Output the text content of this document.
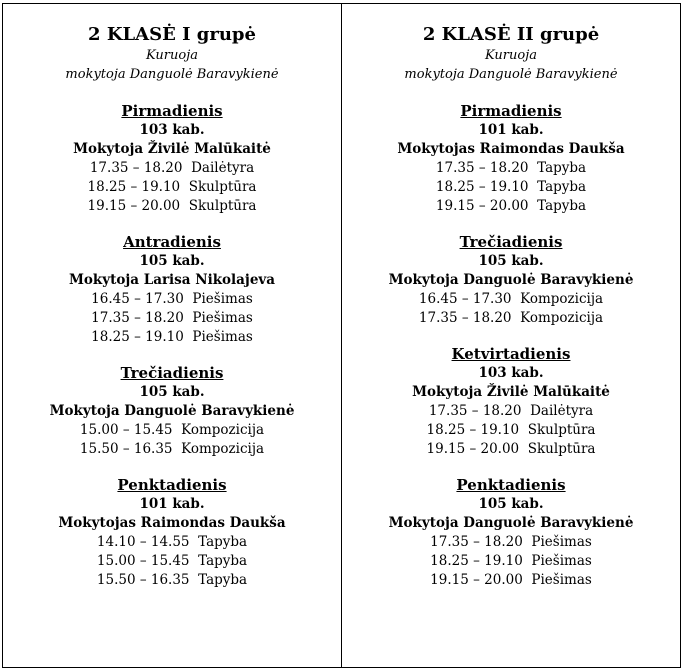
2 KLASĖ I grupė
Kuruoja
mokytoja Danguolė Baravykienė
Pirmadienis
103 kab.
Mokytoja Živilė Malūkaitė
17.35 – 18.20 Dailėtyra
18.25 – 19.10 Skulptūra
19.15 – 20.00 Skulptūra
Antradienis
105 kab.
Mokytoja Larisa Nikolajeva
16.45 – 17.30 Piešimas
17.35 – 18.20 Piešimas
18.25 – 19.10 Piešimas
Trečiadienis
105 kab.
Mokytoja Danguolė Baravykienė
15.00 – 15.45 Kompozicija
15.50 – 16.35 Kompozicija
Penktadienis
101 kab.
Mokytojas Raimondas Daukša
14.10 – 14.55 Tapyba
15.00 – 15.45 Tapyba
15.50 – 16.35 Tapyba
2 KLASĖ II grupė
Kuruoja
mokytoja Danguolė Baravykienė
Pirmadienis
101 kab.
Mokytojas Raimondas Daukša
17.35 – 18.20 Tapyba
18.25 – 19.10 Tapyba
19.15 – 20.00 Tapyba
Trečiadienis
105 kab.
Mokytoja Danguolė Baravykienė
16.45 – 17.30 Kompozicija
17.35 – 18.20 Kompozicija
Ketvirtadienis
103 kab.
Mokytoja Živilė Malūkaitė
17.35 – 18.20 Dailėtyra
18.25 – 19.10 Skulptūra
19.15 – 20.00 Skulptūra
Penktadienis
105 kab.
Mokytoja Danguolė Baravykienė
17.35 – 18.20 Piešimas
18.25 – 19.10 Piešimas
19.15 – 20.00 Piešimas
